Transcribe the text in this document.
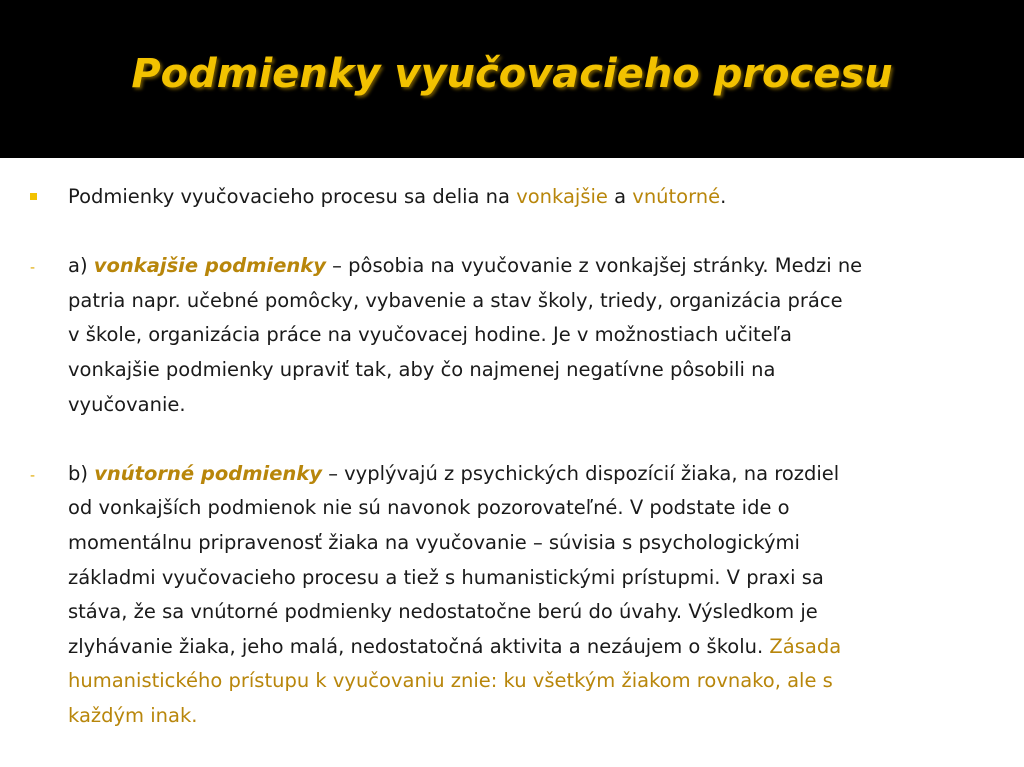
Podmienky vyučovacieho procesu

Podmienky vyučovacieho procesu sa delia na vonkajšie a vnútorné.

- a) vonkajšie podmienky – pôsobia na vyučovanie z vonkajšej stránky. Medzi ne
patria napr. učebné pomôcky, vybavenie a stav školy, triedy, organizácia práce
v škole, organizácia práce na vyučovacej hodine. Je v možnostiach učiteľa
vonkajšie podmienky upraviť tak, aby čo najmenej negatívne pôsobili na
vyučovanie.

- b) vnútorné podmienky – vyplývajú z psychických dispozícií žiaka, na rozdiel
od vonkajších podmienok nie sú navonok pozorovateľné. V podstate ide o
momentálnu pripravenosť žiaka na vyučovanie – súvisia s psychologickými
základmi vyučovacieho procesu a tiež s humanistickými prístupmi. V praxi sa
stáva, že sa vnútorné podmienky nedostatočne berú do úvahy. Výsledkom je
zlyhávanie žiaka, jeho malá, nedostatočná aktivita a nezáujem o školu. Zásada
humanistického prístupu k vyučovaniu znie: ku všetkým žiakom rovnako, ale s
každým inak.
